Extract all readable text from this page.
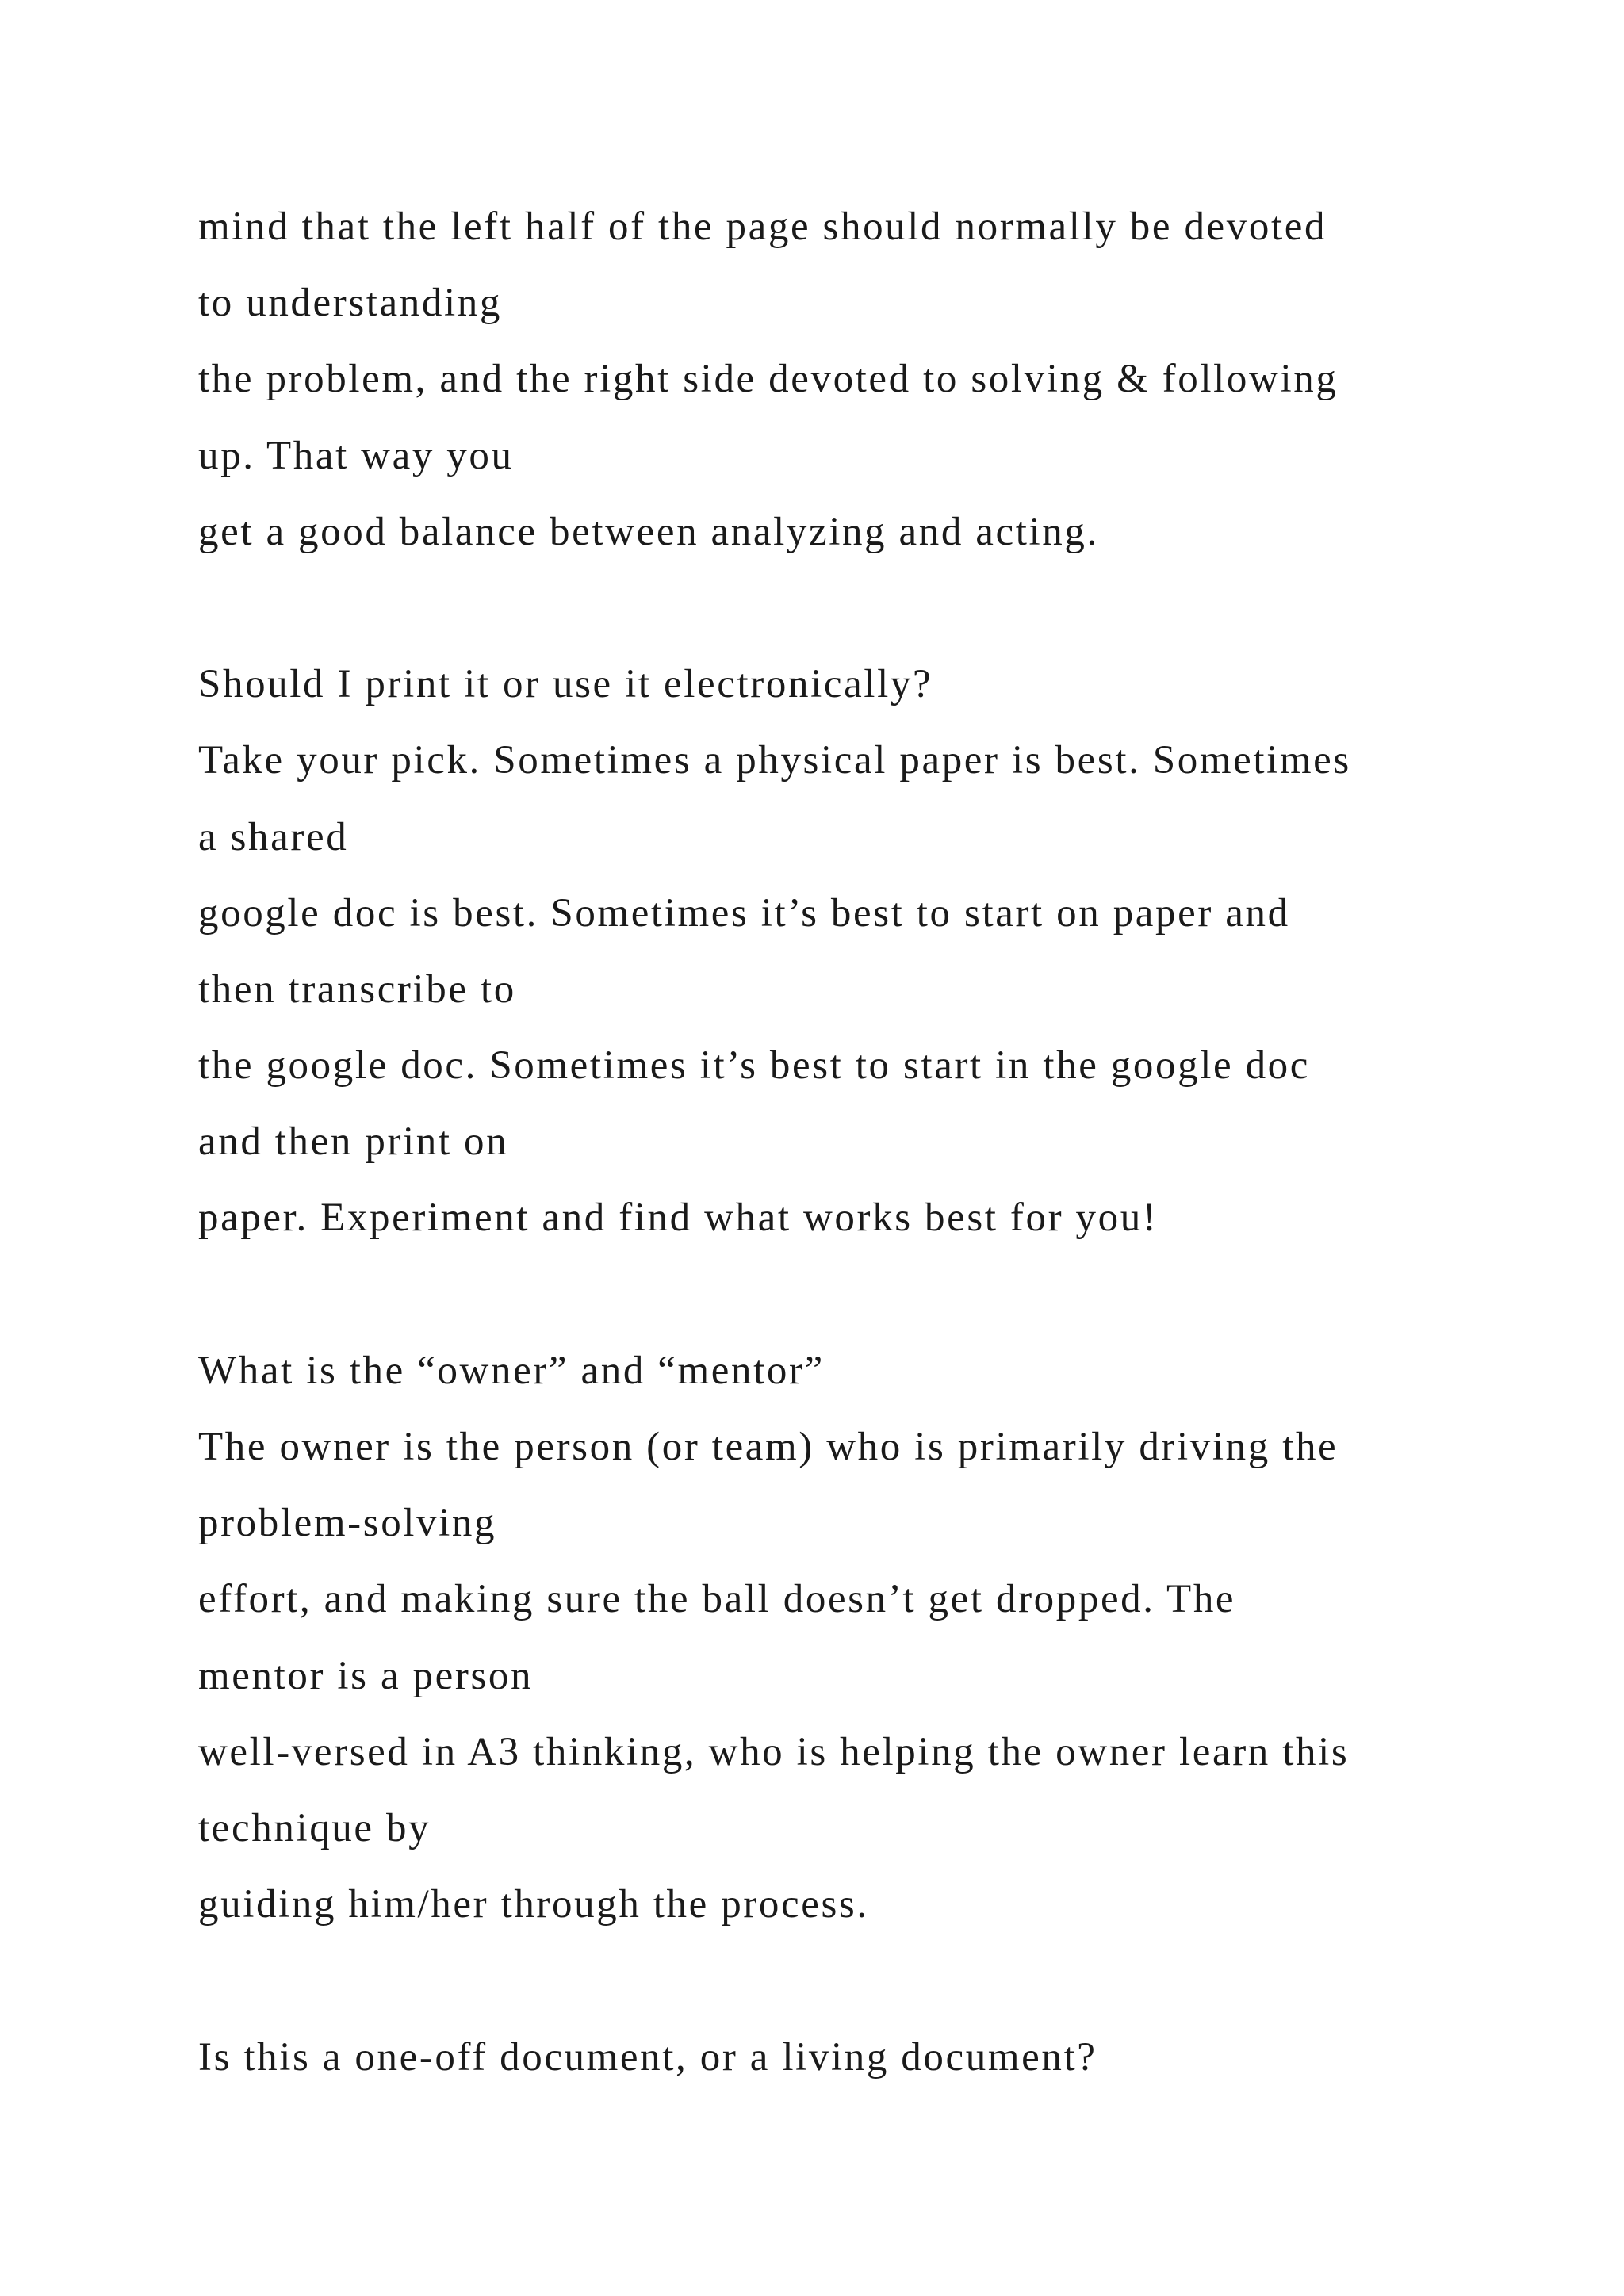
mind that the left half of the page should normally be devoted
to understanding
the problem, and the right side devoted to solving & following
up. That way you
get a good balance between analyzing and acting.
Should I print it or use it electronically?
Take your pick. Sometimes a physical paper is best. Sometimes
a shared
google doc is best. Sometimes it’s best to start on paper and
then transcribe to
the google doc. Sometimes it’s best to start in the google doc
and then print on
paper. Experiment and find what works best for you!
What is the “owner” and “mentor”
The owner is the person (or team) who is primarily driving the
problem-solving
effort, and making sure the ball doesn’t get dropped. The
mentor is a person
well-versed in A3 thinking, who is helping the owner learn this
technique by
guiding him/her through the process.
Is this a one-off document, or a living document?
